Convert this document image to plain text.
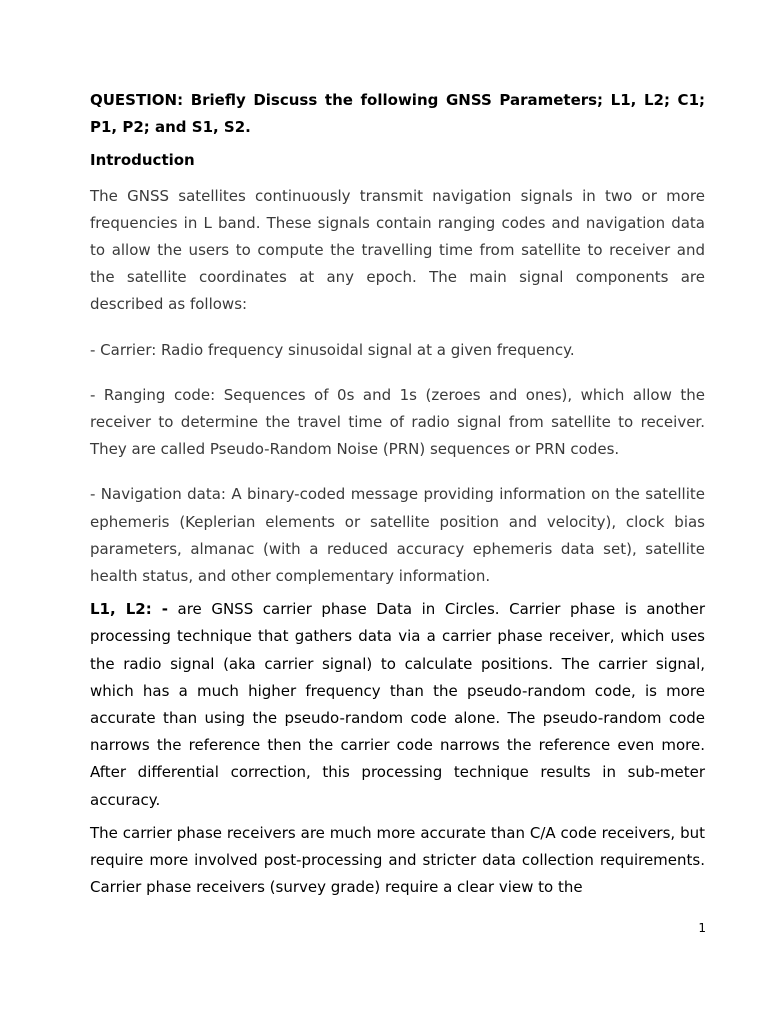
QUESTION: Briefly Discuss the following GNSS Parameters; L1, L2; C1; P1, P2; and S1, S2.

Introduction

The GNSS satellites continuously transmit navigation signals in two or more frequencies in L band. These signals contain ranging codes and navigation data to allow the users to compute the travelling time from satellite to receiver and the satellite coordinates at any epoch. The main signal components are described as follows:

- Carrier: Radio frequency sinusoidal signal at a given frequency.

- Ranging code: Sequences of 0s and 1s (zeroes and ones), which allow the receiver to determine the travel time of radio signal from satellite to receiver. They are called Pseudo-Random Noise (PRN) sequences or PRN codes.

- Navigation data: A binary-coded message providing information on the satellite ephemeris (Keplerian elements or satellite position and velocity), clock bias parameters, almanac (with a reduced accuracy ephemeris data set), satellite health status, and other complementary information.

L1, L2: - are GNSS carrier phase Data in Circles. Carrier phase is another processing technique that gathers data via a carrier phase receiver, which uses the radio signal (aka carrier signal) to calculate positions. The carrier signal, which has a much higher frequency than the pseudo-random code, is more accurate than using the pseudo-random code alone. The pseudo-random code narrows the reference then the carrier code narrows the reference even more. After differential correction, this processing technique results in sub-meter accuracy.

The carrier phase receivers are much more accurate than C/A code receivers, but require more involved post-processing and stricter data collection requirements. Carrier phase receivers (survey grade) require a clear view to the

1
